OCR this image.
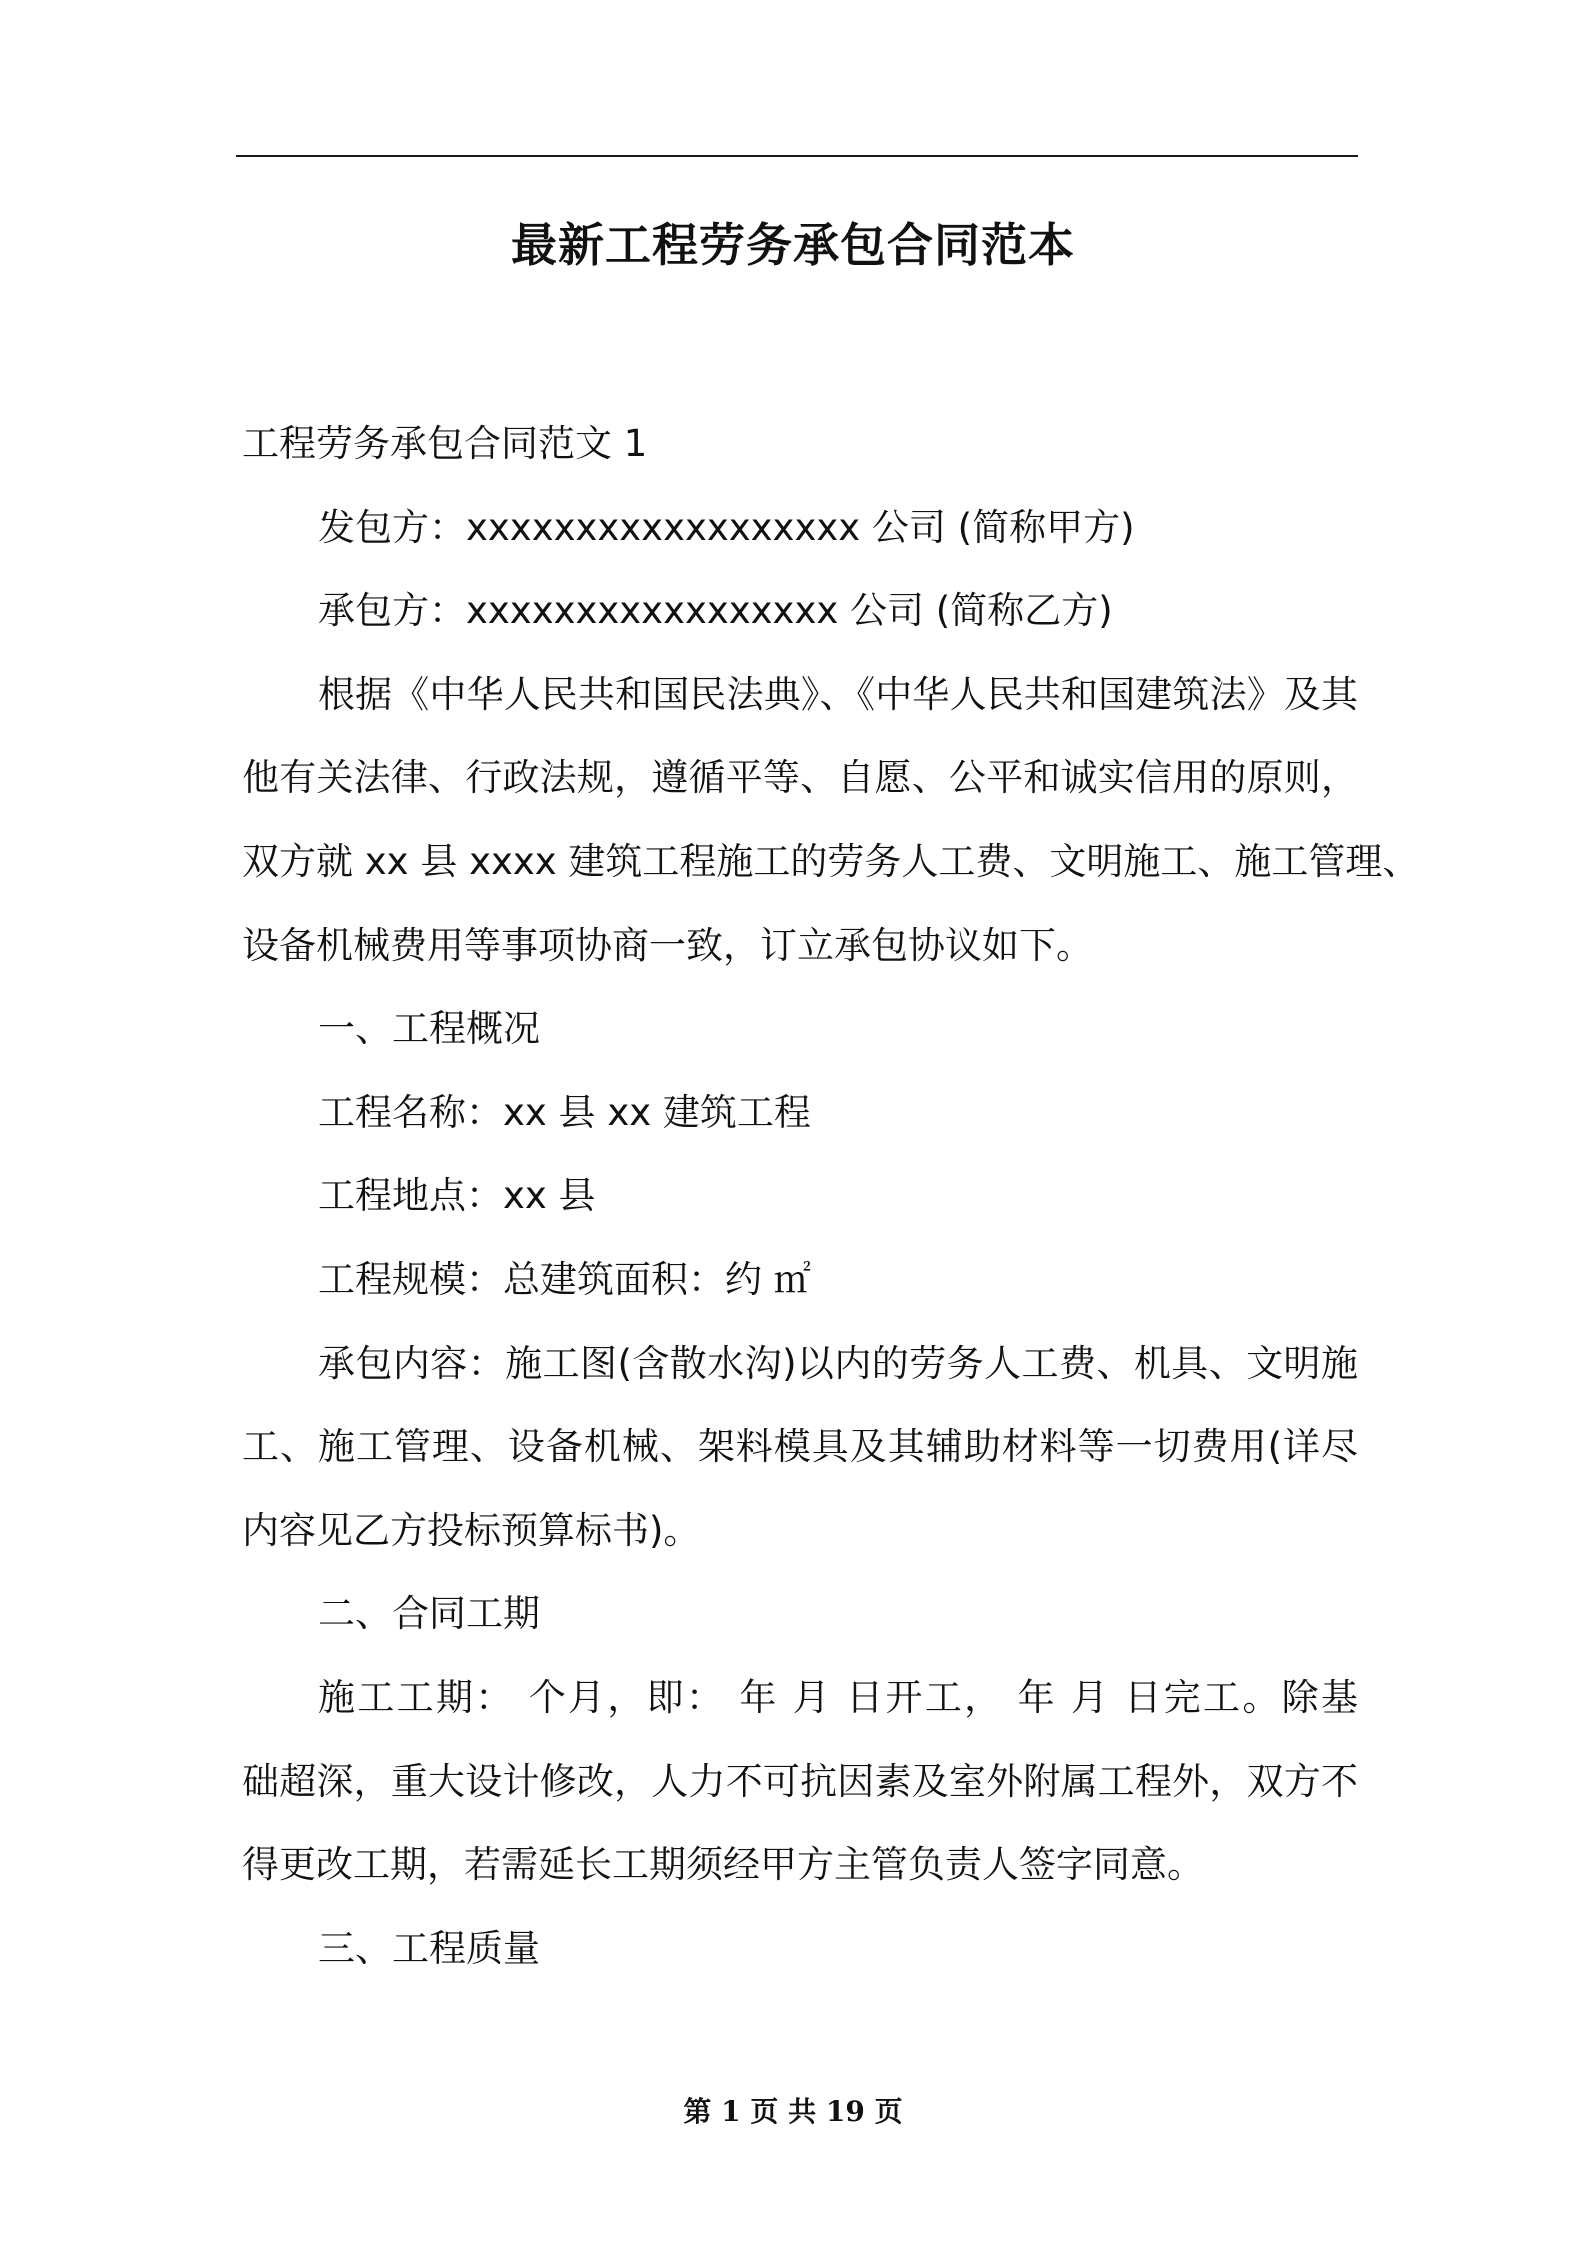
最新工程劳务承包合同范本
工程劳务承包合同范文 1
发包方：xxxxxxxxxxxxxxxxxx 公司 (简称甲方)
承包方：xxxxxxxxxxxxxxxxx 公司 (简称乙方)
根据《中华人民共和国民法典》、《中华人民共和国建筑法》及其
他有关法律、行政法规，遵循平等、自愿、公平和诚实信用的原则，
双方就 xx 县 xxxx 建筑工程施工的劳务人工费、文明施工、施工管理、
设备机械费用等事项协商一致，订立承包协议如下。
一、工程概况
工程名称：xx 县 xx 建筑工程
工程地点：xx 县
工程规模：总建筑面积：约 ㎡
承包内容：施工图(含散水沟)以内的劳务人工费、机具、文明施
工、施工管理、设备机械、架料模具及其辅助材料等一切费用(详尽
内容见乙方投标预算标书)。
二、合同工期
施工工期： 个月，即： 年 月 日开工， 年 月 日完工。除基
础超深，重大设计修改，人力不可抗因素及室外附属工程外，双方不
得更改工期，若需延长工期须经甲方主管负责人签字同意。
三、工程质量
第 1 页 共 19 页
